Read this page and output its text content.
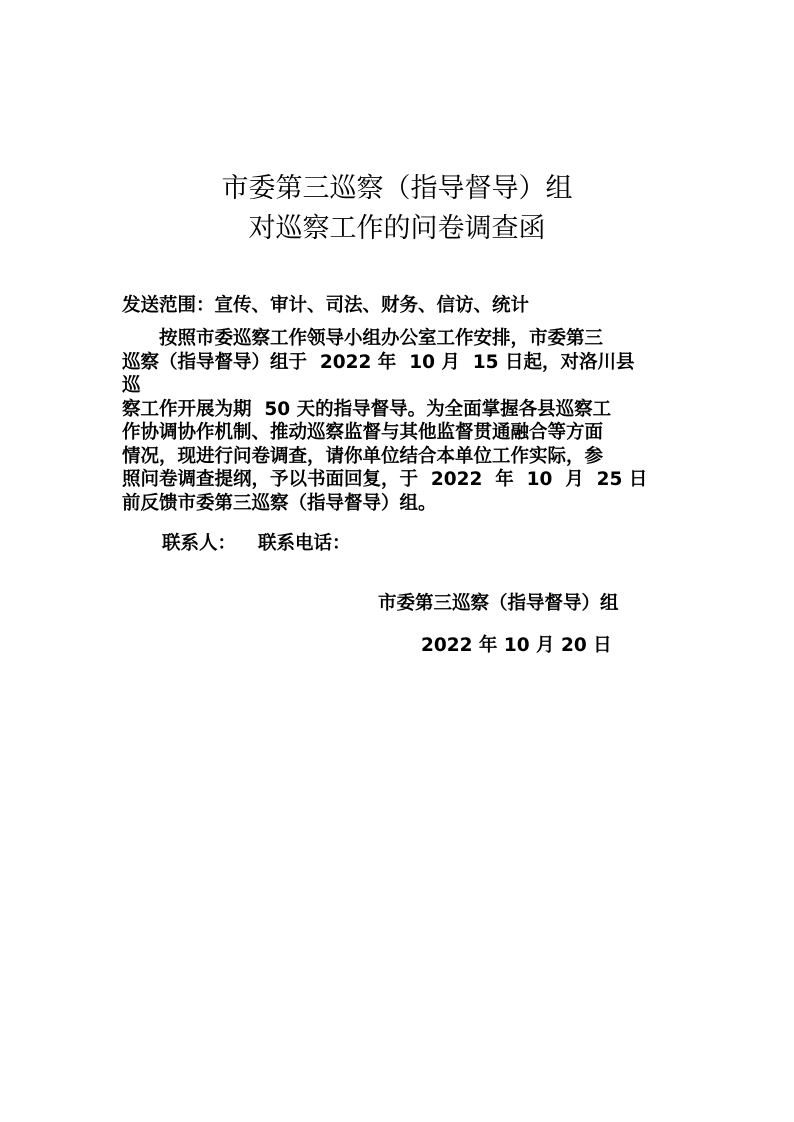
市委第三巡察（指导督导）组
对巡察工作的问卷调查函

发送范围：宣传、审计、司法、财务、信访、统计

　　按照市委巡察工作领导小组办公室工作安排，市委第三
巡察（指导督导）组于  2022 年  10 月  15 日起，对洛川县
巡
察工作开展为期  50 天的指导督导。为全面掌握各县巡察工
作协调协作机制、推动巡察监督与其他监督贯通融合等方面
情况，现进行问卷调查，请你单位结合本单位工作实际，参
照问卷调查提纲，予以书面回复，于  2022  年  10  月  25 日
前反馈市委第三巡察（指导督导）组。

联系人： 联系电话：

市委第三巡察（指导督导）组

2022 年 10 月 20 日
